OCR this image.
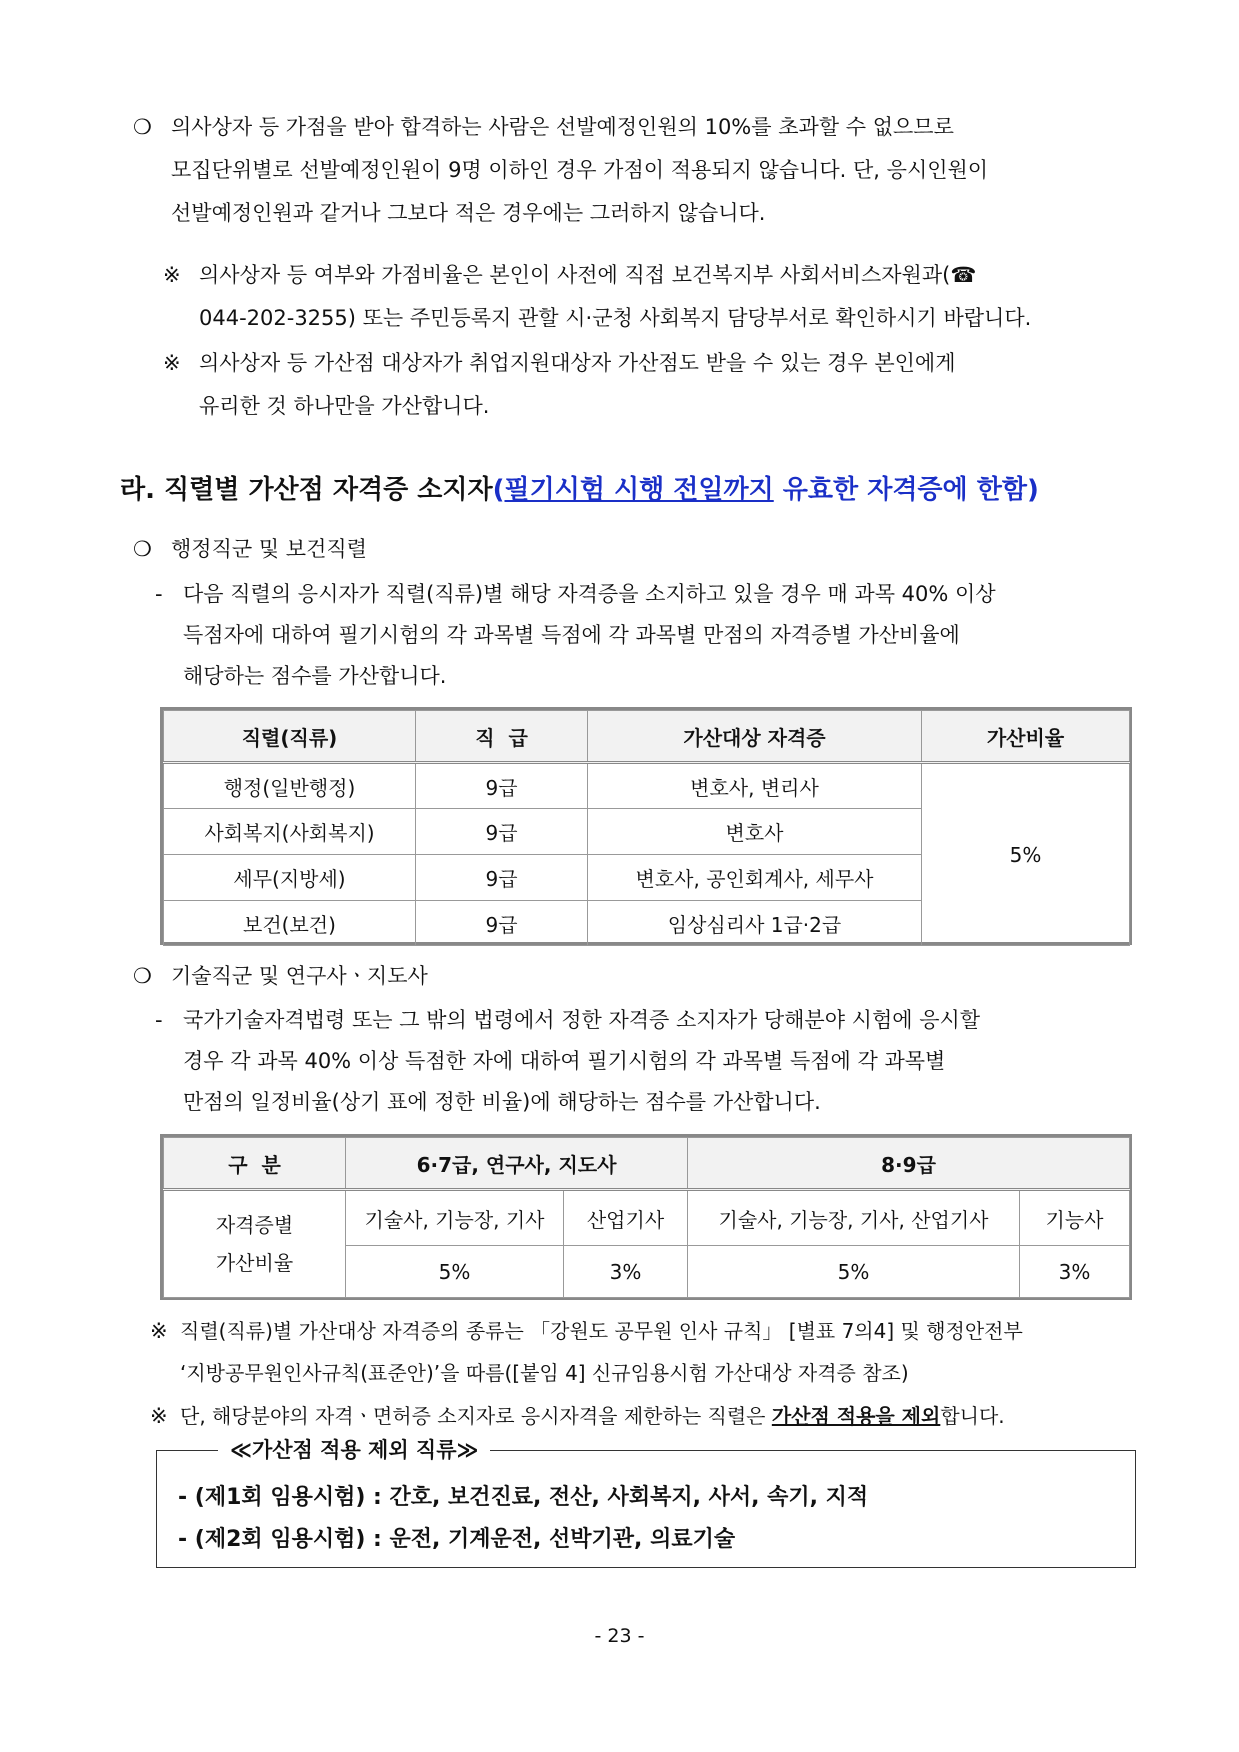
❍ 의사상자 등 가점을 받아 합격하는 사람은 선발예정인원의 10%를 초과할 수 없으므로
모집단위별로 선발예정인원이 9명 이하인 경우 가점이 적용되지 않습니다. 단, 응시인원이
선발예정인원과 같거나 그보다 적은 경우에는 그러하지 않습니다.
※ 의사상자 등 여부와 가점비율은 본인이 사전에 직접 보건복지부 사회서비스자원과(☎
044-202-3255) 또는 주민등록지 관할 시·군청 사회복지 담당부서로 확인하시기 바랍니다.
※ 의사상자 등 가산점 대상자가 취업지원대상자 가산점도 받을 수 있는 경우 본인에게
유리한 것 하나만을 가산합니다.
라. 직렬별 가산점 자격증 소지자(필기시험 시행 전일까지 유효한 자격증에 한함)
❍ 행정직군 및 보건직렬
- 다음 직렬의 응시자가 직렬(직류)별 해당 자격증을 소지하고 있을 경우 매 과목 40% 이상
득점자에 대하여 필기시험의 각 과목별 득점에 각 과목별 만점의 자격증별 가산비율에
해당하는 점수를 가산합니다.
직렬(직류)	직  급	가산대상 자격증	가산비율
행정(일반행정)	9급	변호사, 변리사	5%
사회복지(사회복지)	9급	변호사	
세무(지방세)	9급	변호사, 공인회계사, 세무사	
보건(보건)	9급	임상심리사 1급·2급	
❍ 기술직군 및 연구사ㆍ지도사
- 국가기술자격법령 또는 그 밖의 법령에서 정한 자격증 소지자가 당해분야 시험에 응시할
경우 각 과목 40% 이상 득점한 자에 대하여 필기시험의 각 과목별 득점에 각 과목별
만점의 일정비율(상기 표에 정한 비율)에 해당하는 점수를 가산합니다.
구  분	6·7급, 연구사, 지도사		8·9급	

자격증별
가산비율	기술사, 기능장, 기사	산업기사	기술사, 기능장, 기사, 산업기사	기능사
	5%	3%	5%	3%
※ 직렬(직류)별 가산대상 자격증의 종류는 「강원도 공무원 인사 규칙」 [별표 7의4] 및 행정안전부
‘지방공무원인사규칙(표준안)’을 따름([붙임 4] 신규임용시험 가산대상 자격증 참조)
※ 단, 해당분야의 자격ㆍ면허증 소지자로 응시자격을 제한하는 직렬은 가산점 적용을 제외합니다.
≪가산점 적용 제외 직류≫
- (제1회 임용시험) : 간호, 보건진료, 전산, 사회복지, 사서, 속기, 지적
- (제2회 임용시험) : 운전, 기계운전, 선박기관, 의료기술
- 23 -
